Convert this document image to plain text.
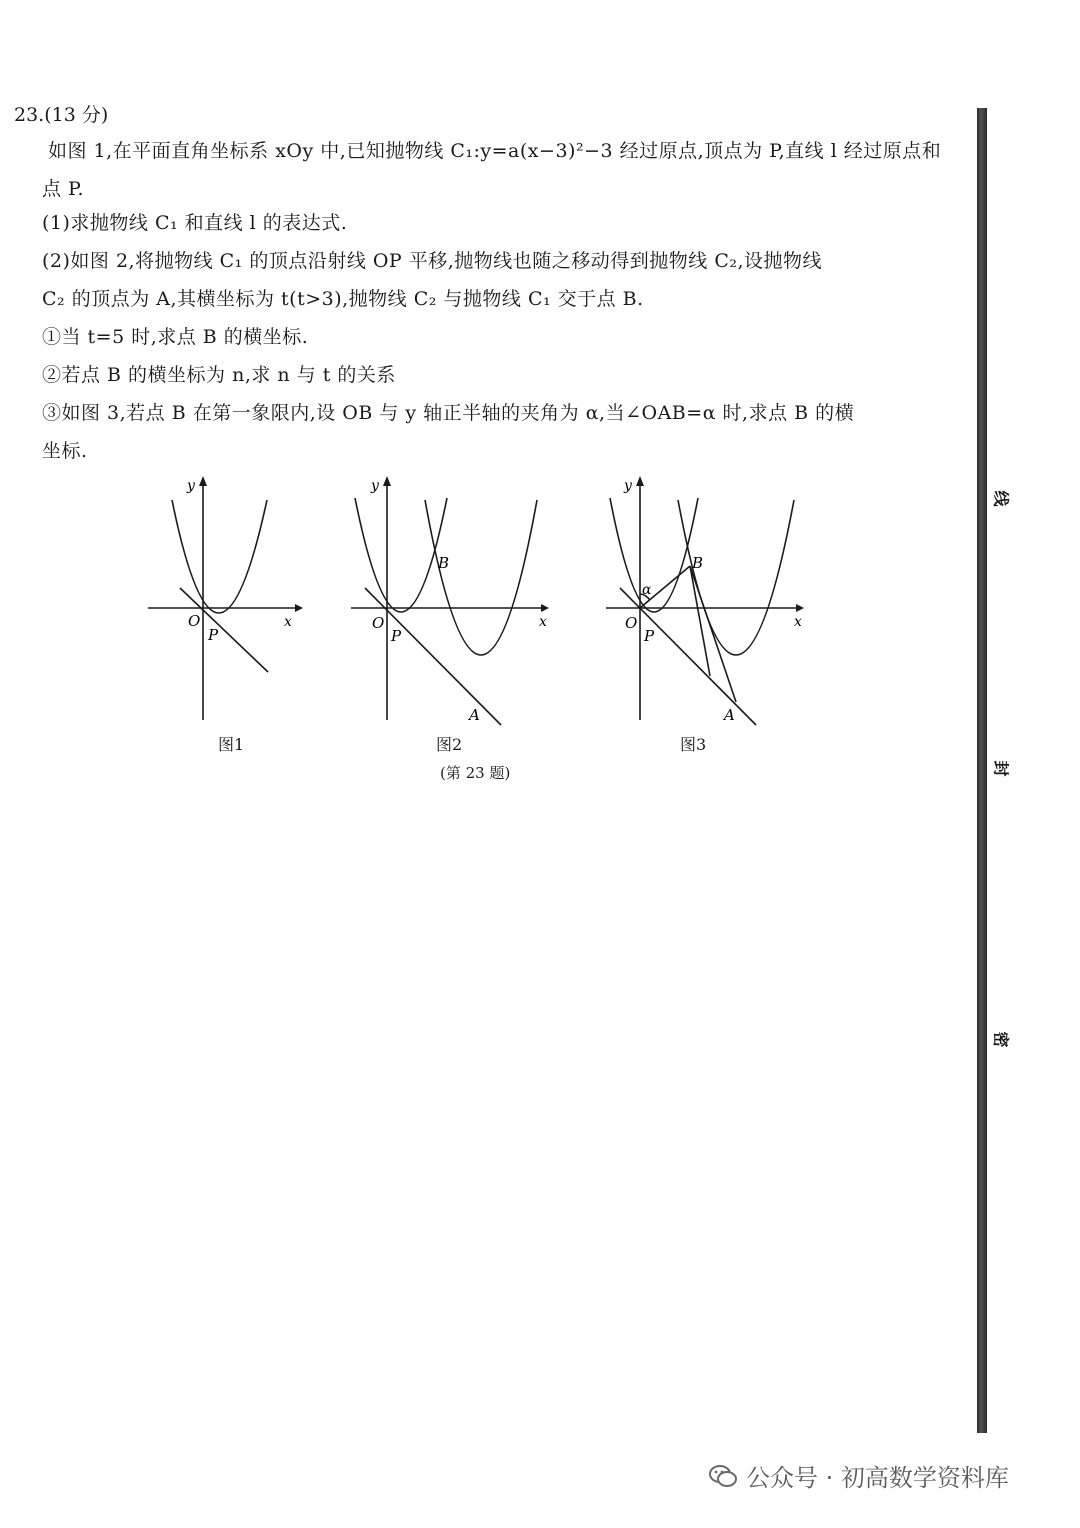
23.(13 分)
如图 1,在平面直角坐标系 xOy 中,已知抛物线 C₁:y=a(x−3)²−3 经过原点,顶点为 P,直线 l 经过原点和点 P.
(1)求抛物线 C₁ 和直线 l 的表达式.
(2)如图 2,将抛物线 C₁ 的顶点沿射线 OP 平移,抛物线也随之移动得到抛物线 C₂,设抛物线
C₂ 的顶点为 A,其横坐标为 t(t>3),抛物线 C₂ 与抛物线 C₁ 交于点 B.
①当 t=5 时,求点 B 的横坐标.
②若点 B 的横坐标为 n,求 n 与 t 的关系
③如图 3,若点 B 在第一象限内,设 OB 与 y 轴正半轴的夹角为 α,当∠OAB=α 时,求点 B 的横
坐标.
y
x
O
P
y
x
O
P
B
A
y
x
O
P
B
A
α
图1	图2	图3
(第 23 题)
线
封
密
公众号 · 初高数学资料库
